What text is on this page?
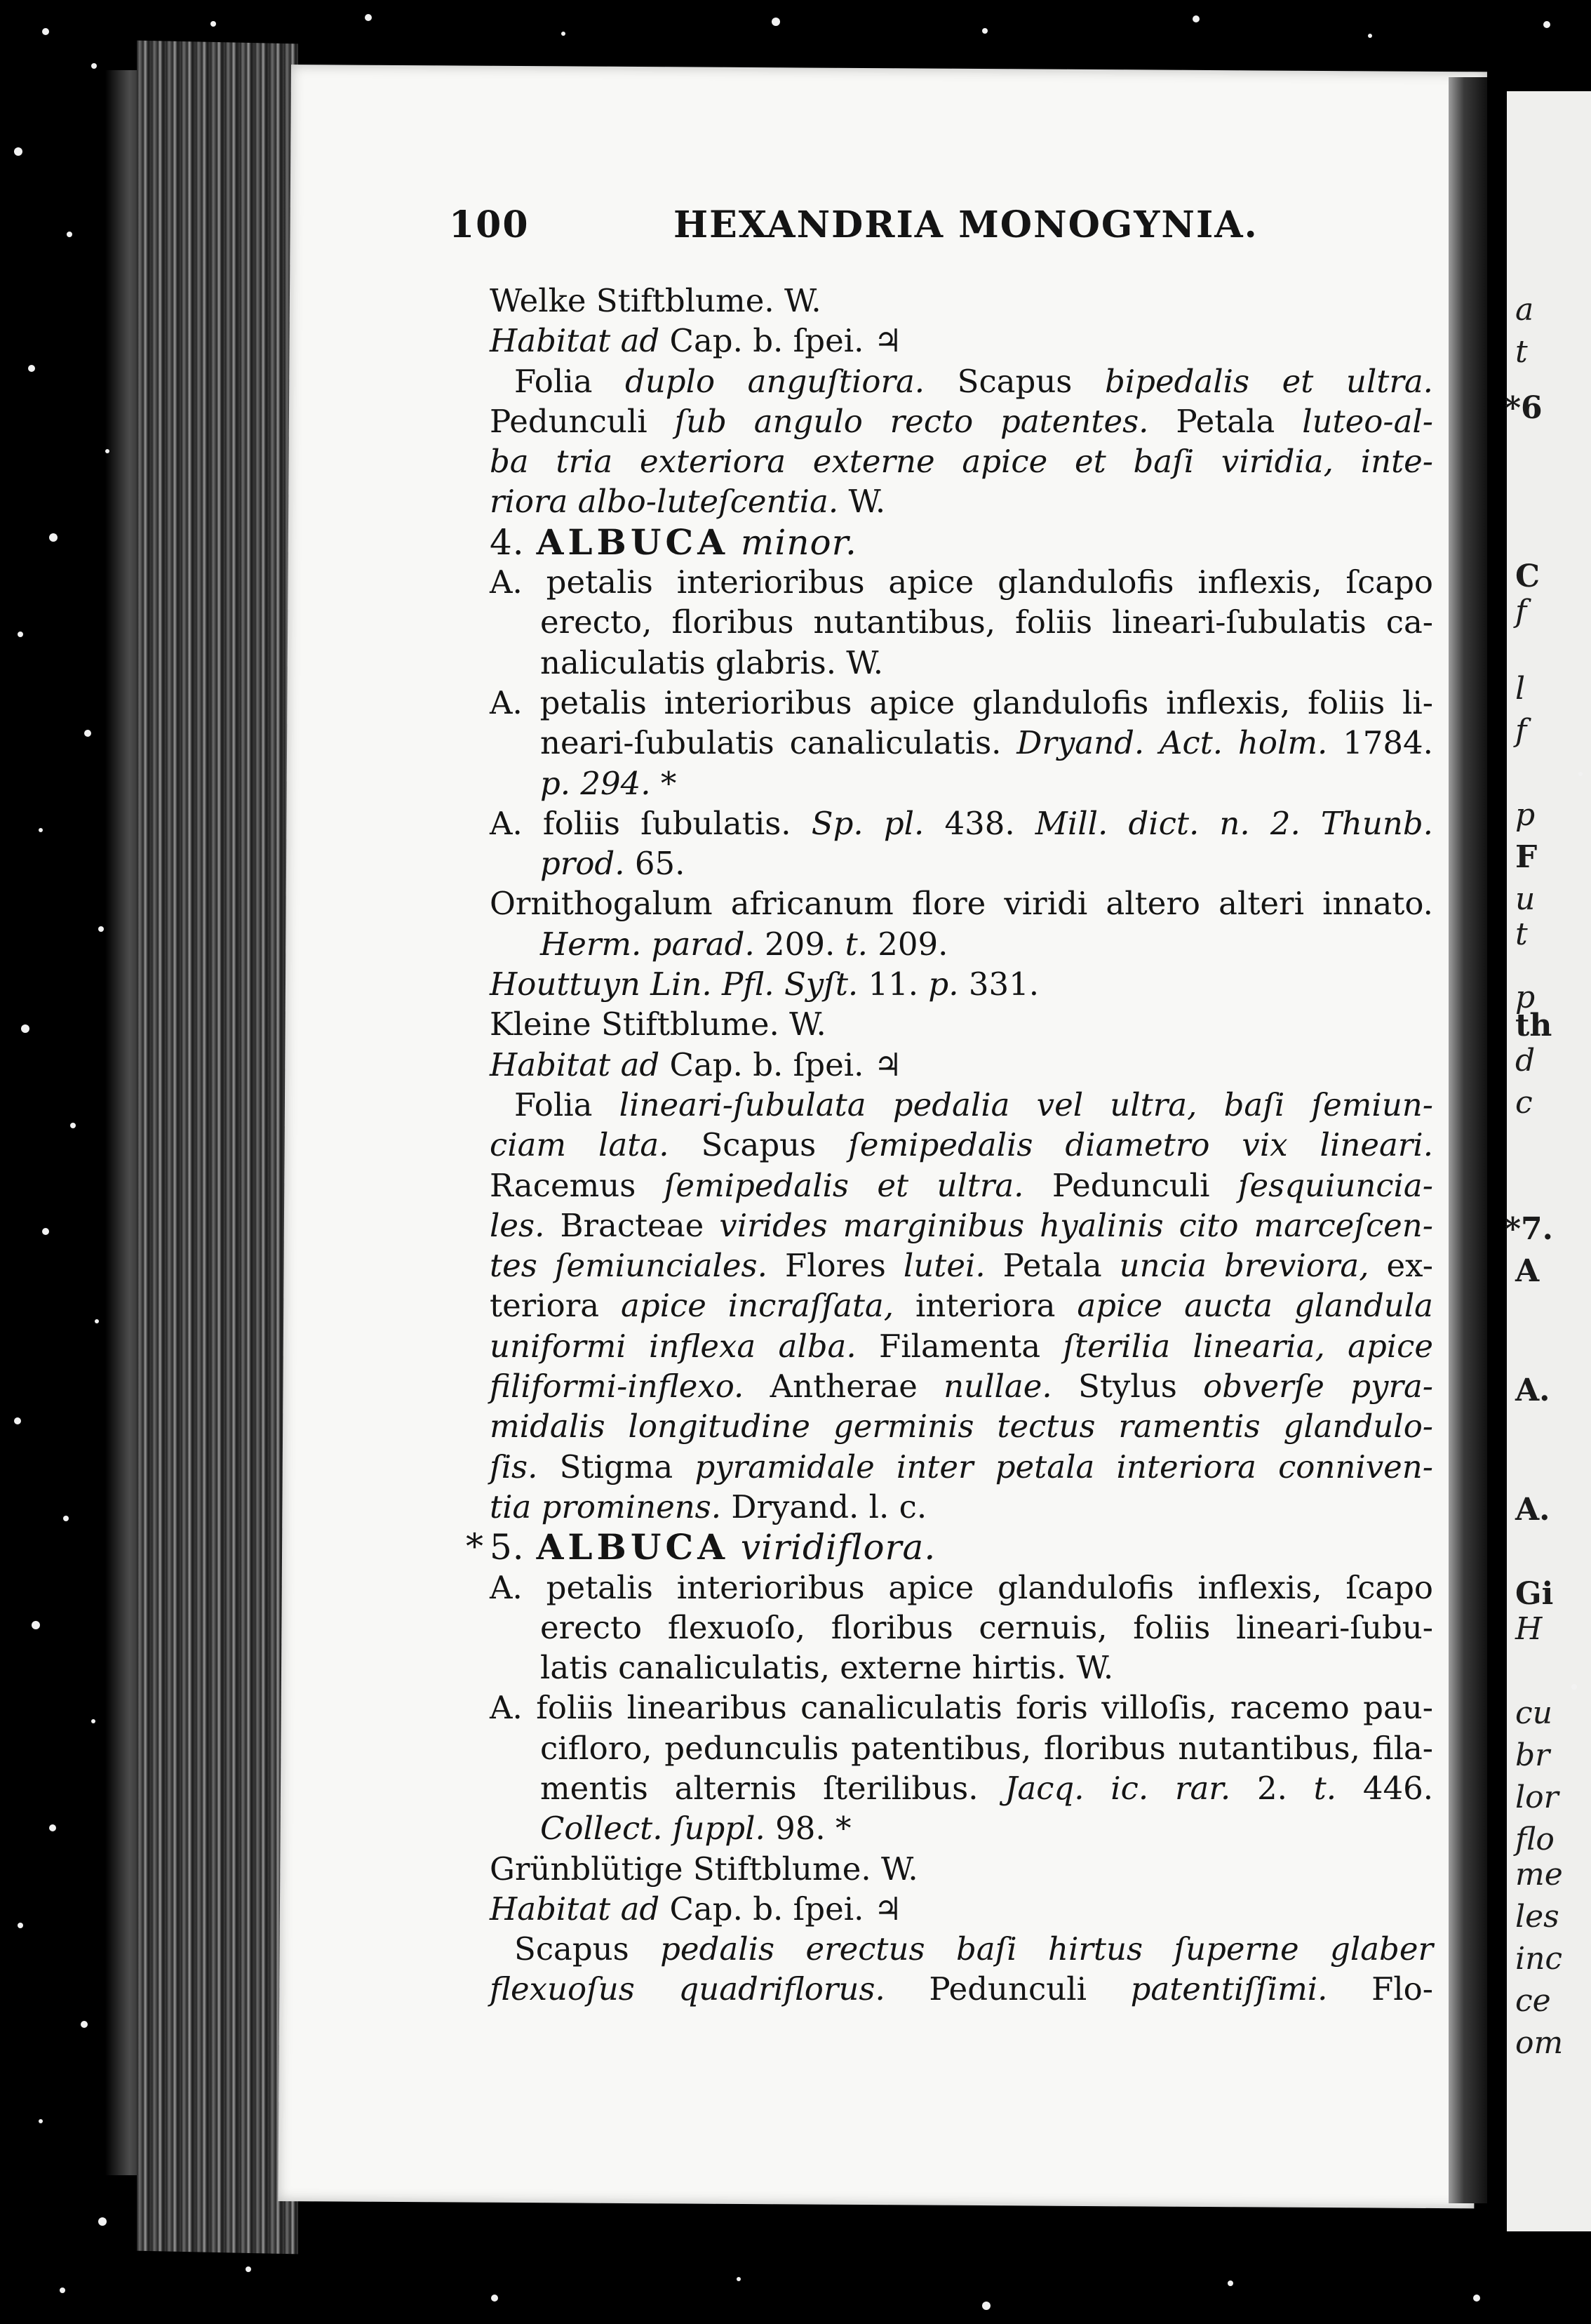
a
t
*6
C
f
l
f
p
F
u
t
p
th
d
c
*7.
A
A.
A.
Gi
H
cu
br
lor
flo
me
les
inc
ce
om
100	HEXANDRIA MONOGYNIA.
Welke Stiftblume. W.
Habitat ad Cap. b. ſpei. ♃
Folia duplo anguſtiora. Scapus bipedalis et ultra.
Pedunculi ſub angulo recto patentes. Petala luteo-al-
ba tria exteriora externe apice et baſi viridia, inte-
riora albo-luteſcentia. W.
4. ALBUCA minor.
A. petalis interioribus apice glandulofis inflexis, ſcapo
erecto, floribus nutantibus, foliis lineari-ſubulatis ca-
naliculatis glabris. W.
A. petalis interioribus apice glandulofis inflexis, foliis li-
neari-ſubulatis canaliculatis. Dryand. Act. holm. 1784.
p. 294. *
A. foliis ſubulatis. Sp. pl. 438. Mill. dict. n. 2. Thunb.
prod. 65.
Ornithogalum africanum flore viridi altero alteri innato.
Herm. parad. 209. t. 209.
Houttuyn Lin. Pfl. Syſt. 11. p. 331.
Kleine Stiftblume. W.
Habitat ad Cap. b. ſpei. ♃
Folia lineari-ſubulata pedalia vel ultra, baſi ſemiun-
ciam lata. Scapus ſemipedalis diametro vix lineari.
Racemus ſemipedalis et ultra. Pedunculi ſesquiuncia-
les. Bracteae virides marginibus hyalinis cito marceſcen-
tes ſemiunciales. Flores lutei. Petala uncia breviora, ex-
teriora apice incraſſata, interiora apice aucta glandula
uniformi inflexa alba. Filamenta ſterilia linearia, apice
filiformi-inflexo. Antherae nullae. Stylus obverſe pyra-
midalis longitudine germinis tectus ramentis glandulo-
ſis. Stigma pyramidale inter petala interiora conniven-
tia prominens. Dryand. l. c.
* 5. ALBUCA viridiflora.
A. petalis interioribus apice glandulofis inflexis, ſcapo
erecto flexuoſo, floribus cernuis, foliis lineari-ſubu-
latis canaliculatis, externe hirtis. W.
A. foliis linearibus canaliculatis foris villoſis, racemo pau-
cifloro, pedunculis patentibus, floribus nutantibus, fila-
mentis alternis ſterilibus. Jacq. ic. rar. 2. t. 446.
Collect. ſuppl. 98. *
Grünblütige Stiftblume. W.
Habitat ad Cap. b. ſpei. ♃
Scapus pedalis erectus baſi hirtus ſuperne glaber
flexuoſus quadriflorus. Pedunculi patentiſſimi. Flo-
